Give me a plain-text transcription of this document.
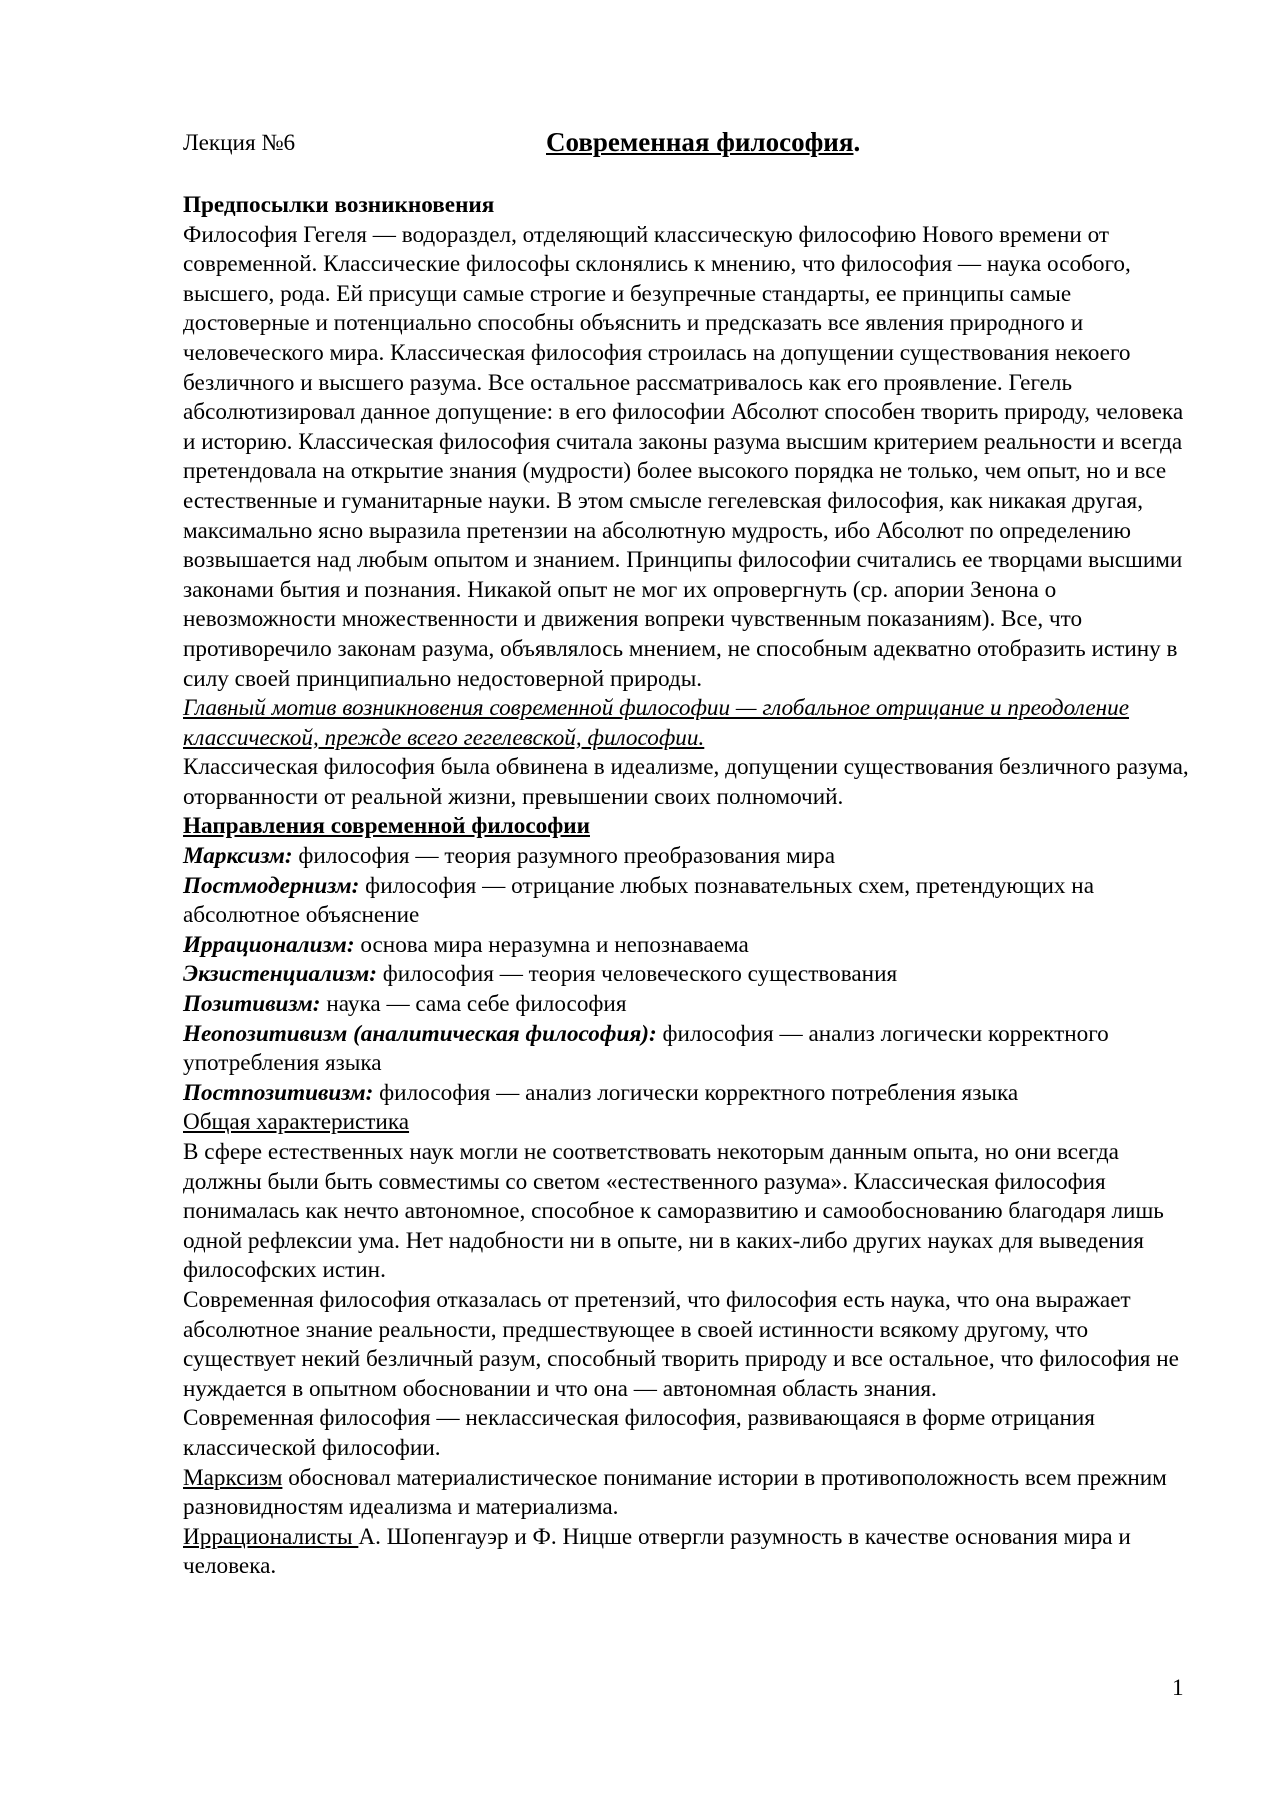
Лекция №6	Современная философия.

Предпосылки возникновения

Философия Гегеля — водораздел, отделяющий классическую философию Нового времени от современной. Классические философы склонялись к мнению, что философия — наука особого, высшего, рода. Ей присущи самые строгие и безупречные стандарты, ее принципы самые достоверные и потенциально способны объяснить и предсказать все явления природного и человеческого мира. Классическая философия строилась на допущении существования некоего безличного и высшего разума. Все остальное рассматривалось как его проявление. Гегель абсолютизировал данное допущение: в его философии Абсолют способен творить природу, человека и историю. Классическая философия считала законы разума высшим критерием реальности и всегда претендовала на открытие знания (мудрости) более высокого порядка не только, чем опыт, но и все естественные и гуманитарные науки. В этом смысле гегелевская философия, как никакая другая, максимально ясно выразила претензии на абсолютную мудрость, ибо Абсолют по определению возвышается над любым опытом и знанием. Принципы философии считались ее творцами высшими законами бытия и познания. Никакой опыт не мог их опровергнуть (ср. апории Зенона о невозможности множественности и движения вопреки чувственным показаниям). Все, что противоречило законам разума, объявлялось мнением, не способным адекватно отобразить истину в силу своей принципиально недостоверной природы.

Главный мотив возникновения современной философии — глобальное отрицание и преодоление классической, прежде всего гегелевской, философии.

Классическая философия была обвинена в идеализме, допущении существования безличного разума, оторванности от реальной жизни, превышении своих полномочий.

Направления современной философии

Марксизм: философия — теория разумного преобразования мира

Постмодернизм: философия — отрицание любых познавательных схем, претендующих на абсолютное объяснение

Иррационализм: основа мира неразумна и непознаваема

Экзистенциализм: философия — теория человеческого существования

Позитивизм: наука — сама себе философия

Неопозитивизм (аналитическая философия): философия — анализ логически корректного употребления языка

Постпозитивизм: философия — анализ логически корректного потребления языка

Общая характеристика

В сфере естественных наук могли не соответствовать некоторым данным опыта, но они всегда должны были быть совместимы со светом «естественного разума». Классическая философия понималась как нечто автономное, способное к саморазвитию и самообоснованию благодаря лишь одной рефлексии ума. Нет надобности ни в опыте, ни в каких-либо других науках для выведения философских истин.

Современная философия отказалась от претензий, что философия есть наука, что она выражает абсолютное знание реальности, предшествующее в своей истинности всякому другому, что существует некий безличный разум, способный творить природу и все остальное, что философия не нуждается в опытном обосновании и что она — автономная область знания.

Современная философия — неклассическая философия, развивающаяся в форме отрицания классической философии.

Марксизм обосновал материалистическое понимание истории в противоположность всем прежним разновидностям идеализма и материализма.

Иррационалисты А. Шопенгауэр и Ф. Ницше отвергли разумность в качестве основания мира и человека.

1
